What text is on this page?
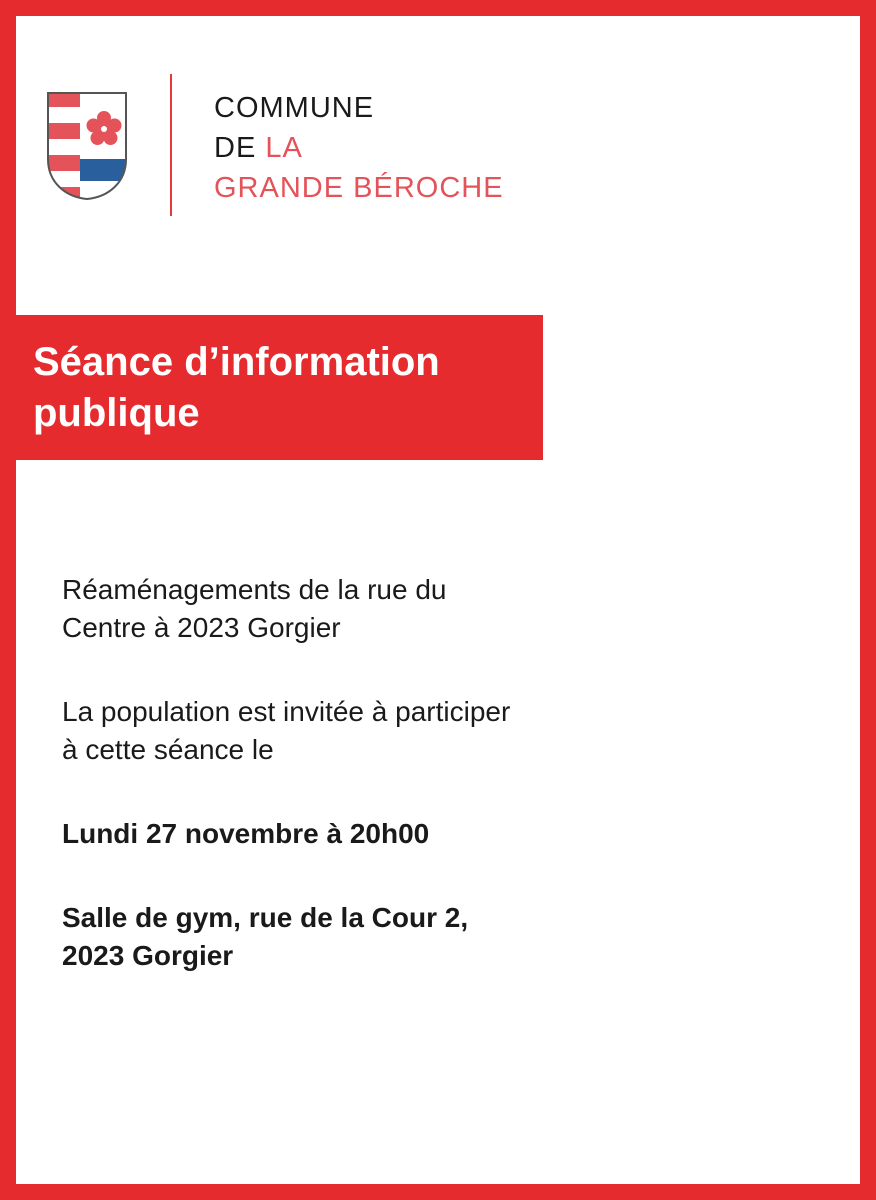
COMMUNE
DE LA
GRANDE BÉROCHE
Séance d’information
publique

Réaménagements de la rue du
Centre à 2023 Gorgier

La population est invitée à participer
à cette séance le

Lundi 27 novembre à 20h00

Salle de gym, rue de la Cour 2,
2023 Gorgier
